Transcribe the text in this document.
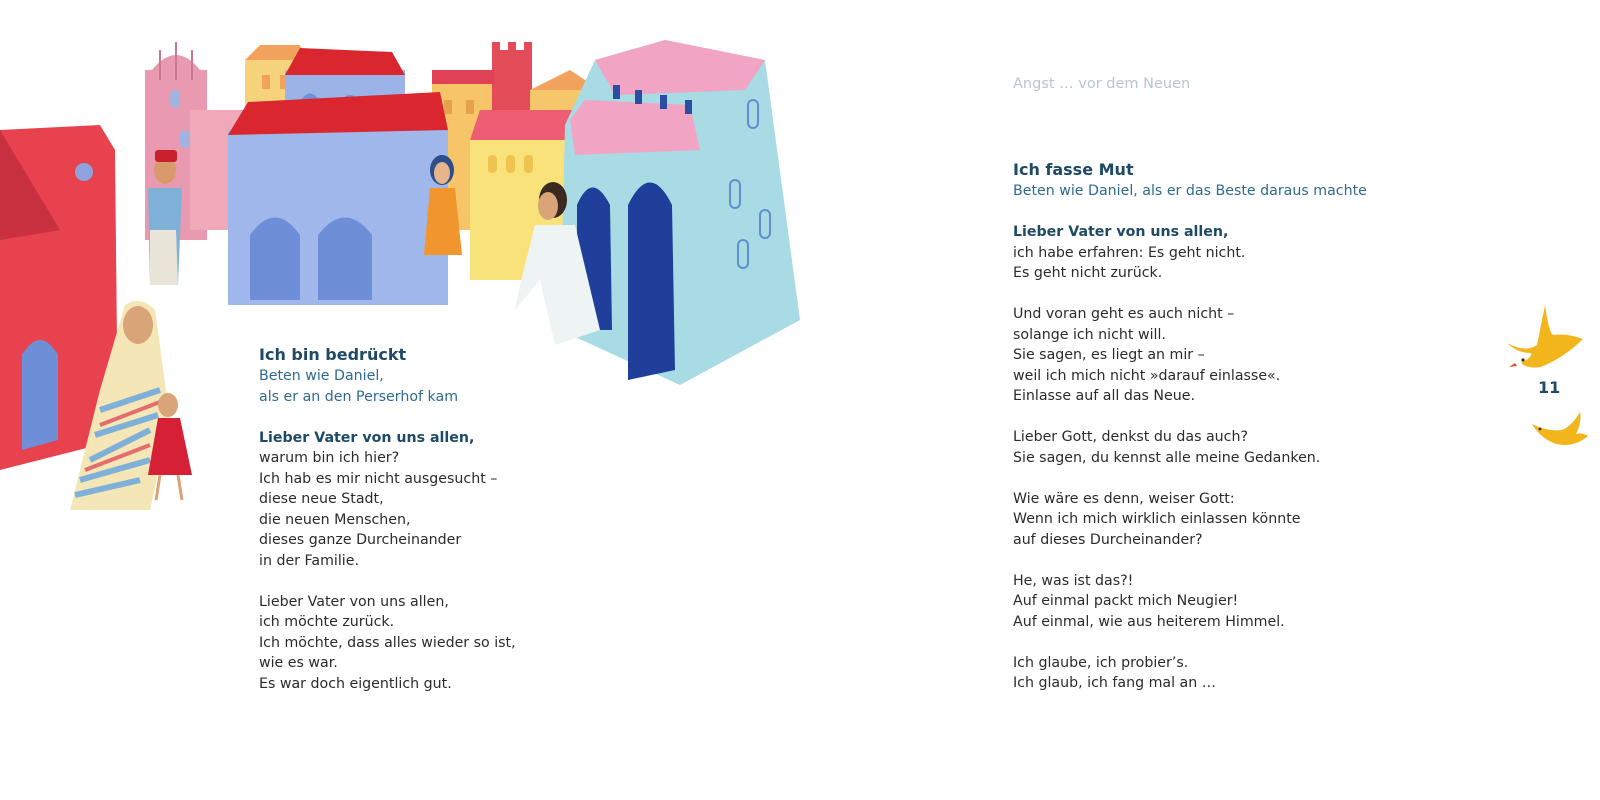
Ich bin bedrückt
Beten wie Daniel,
als er an den Perserhof kam
Lieber Vater von uns allen,
warum bin ich hier?
Ich hab es mir nicht ausgesucht –
diese neue Stadt,
die neuen Menschen,
dieses ganze Durcheinander
in der Familie.
Lieber Vater von uns allen,
ich möchte zurück.
Ich möchte, dass alles wieder so ist,
wie es war.
Es war doch eigentlich gut.
Angst … vor dem Neuen
Ich fasse Mut
Beten wie Daniel, als er das Beste daraus machte
Lieber Vater von uns allen,
ich habe erfahren: Es geht nicht.
Es geht nicht zurück.
Und voran geht es auch nicht –
solange ich nicht will.
Sie sagen, es liegt an mir –
weil ich mich nicht »darauf einlasse«.
Einlasse auf all das Neue.
Lieber Gott, denkst du das auch?
Sie sagen, du kennst alle meine Gedanken.
Wie wäre es denn, weiser Gott:
Wenn ich mich wirklich einlassen könnte
auf dieses Durcheinander?
He, was ist das?!
Auf einmal packt mich Neugier!
Auf einmal, wie aus heiterem Himmel.
Ich glaube, ich probier’s.
Ich glaub, ich fang mal an …
11
